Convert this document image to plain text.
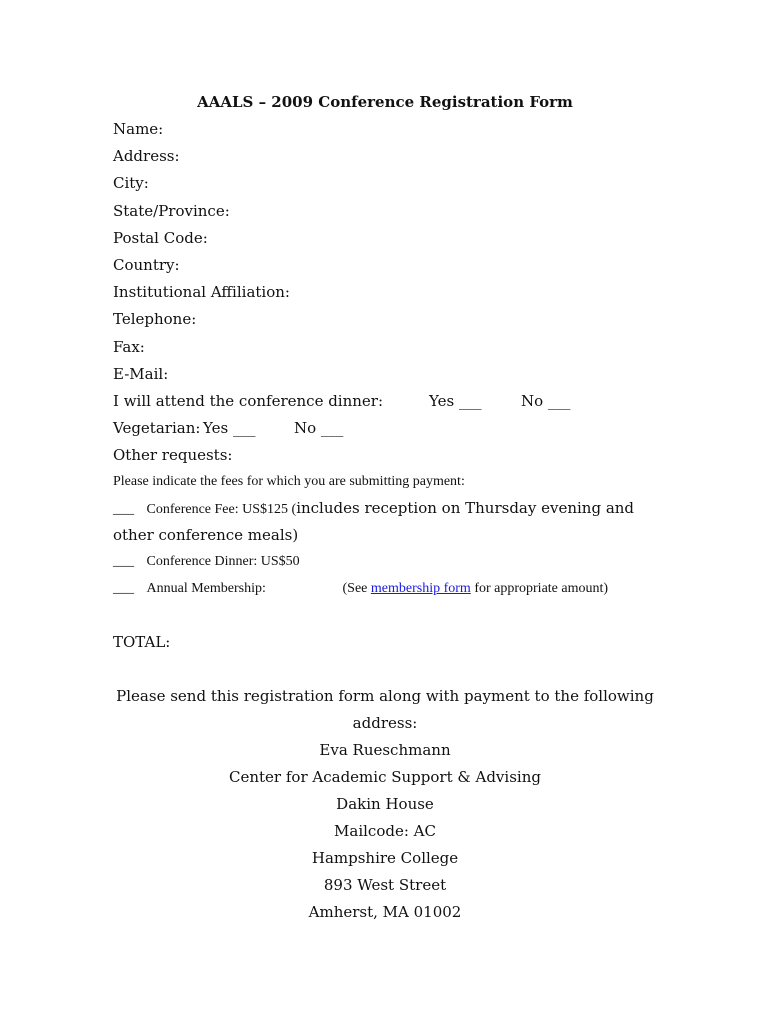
AAALS – 2009 Conference Registration Form
Name:
Address:
City:
State/Province:
Postal Code:
Country:
Institutional Affiliation:
Telephone:
Fax:
E-Mail:
I will attend the conference dinner:	Yes ___	No ___
Vegetarian: Yes ___	No ___
Other requests:
Please indicate the fees for which you are submitting payment:
___ Conference Fee: US$125 (includes reception on Thursday evening and
other conference meals)
___ Conference Dinner: US$50
___ Annual Membership:	(See membership form for appropriate amount)
TOTAL:
Please send this registration form along with payment to the following
address:
Eva Rueschmann
Center for Academic Support & Advising
Dakin House
Mailcode: AC
Hampshire College
893 West Street
Amherst, MA 01002
